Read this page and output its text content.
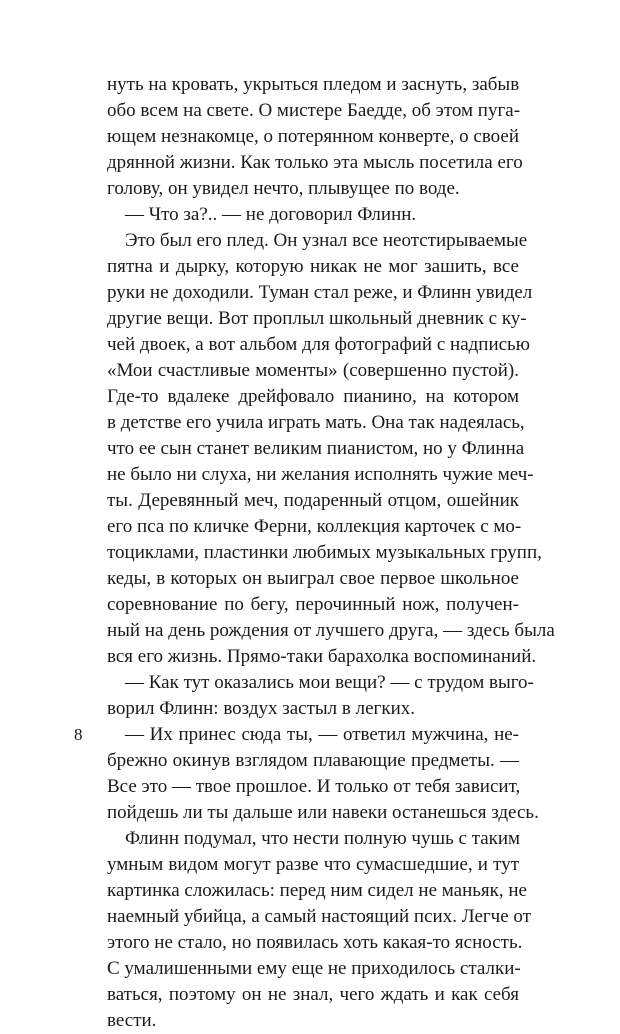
нуть на кровать, укрыться пледом и заснуть, забыв
обо всем на свете. О мистере Баедде, об этом пуга-
ющем незнакомце, о потерянном конверте, о своей
дрянной жизни. Как только эта мысль посетила его
голову, он увидел нечто, плывущее по воде.
— Что за?.. — не договорил Флинн.
Это был его плед. Он узнал все неотстирываемые
пятна и дырку, которую никак не мог зашить, все
руки не доходили. Туман стал реже, и Флинн увидел
другие вещи. Вот проплыл школьный дневник с ку-
чей двоек, а вот альбом для фотографий с надписью
«Мои счастливые моменты» (совершенно пустой).
Где-то вдалеке дрейфовало пианино, на котором
в детстве его учила играть мать. Она так надеялась,
что ее сын станет великим пианистом, но у Флинна
не было ни слуха, ни желания исполнять чужие меч-
ты. Деревянный меч, подаренный отцом, ошейник
его пса по кличке Ферни, коллекция карточек с мо-
тоциклами, пластинки любимых музыкальных групп,
кеды, в которых он выиграл свое первое школьное
соревнование по бегу, перочинный нож, получен-
ный на день рождения от лучшего друга, — здесь была
вся его жизнь. Прямо-таки барахолка воспоминаний.
— Как тут оказались мои вещи? — с трудом выго-
ворил Флинн: воздух застыл в легких.
— Их принес сюда ты, — ответил мужчина, не-
брежно окинув взглядом плавающие предметы. —
Все это — твое прошлое. И только от тебя зависит,
пойдешь ли ты дальше или навеки останешься здесь.
Флинн подумал, что нести полную чушь с таким
умным видом могут разве что сумасшедшие, и тут
картинка сложилась: перед ним сидел не маньяк, не
наемный убийца, а самый настоящий псих. Легче от
этого не стало, но появилась хоть какая-то ясность.
С умалишенными ему еще не приходилось сталки-
ваться, поэтому он не знал, чего ждать и как себя
вести.
8
